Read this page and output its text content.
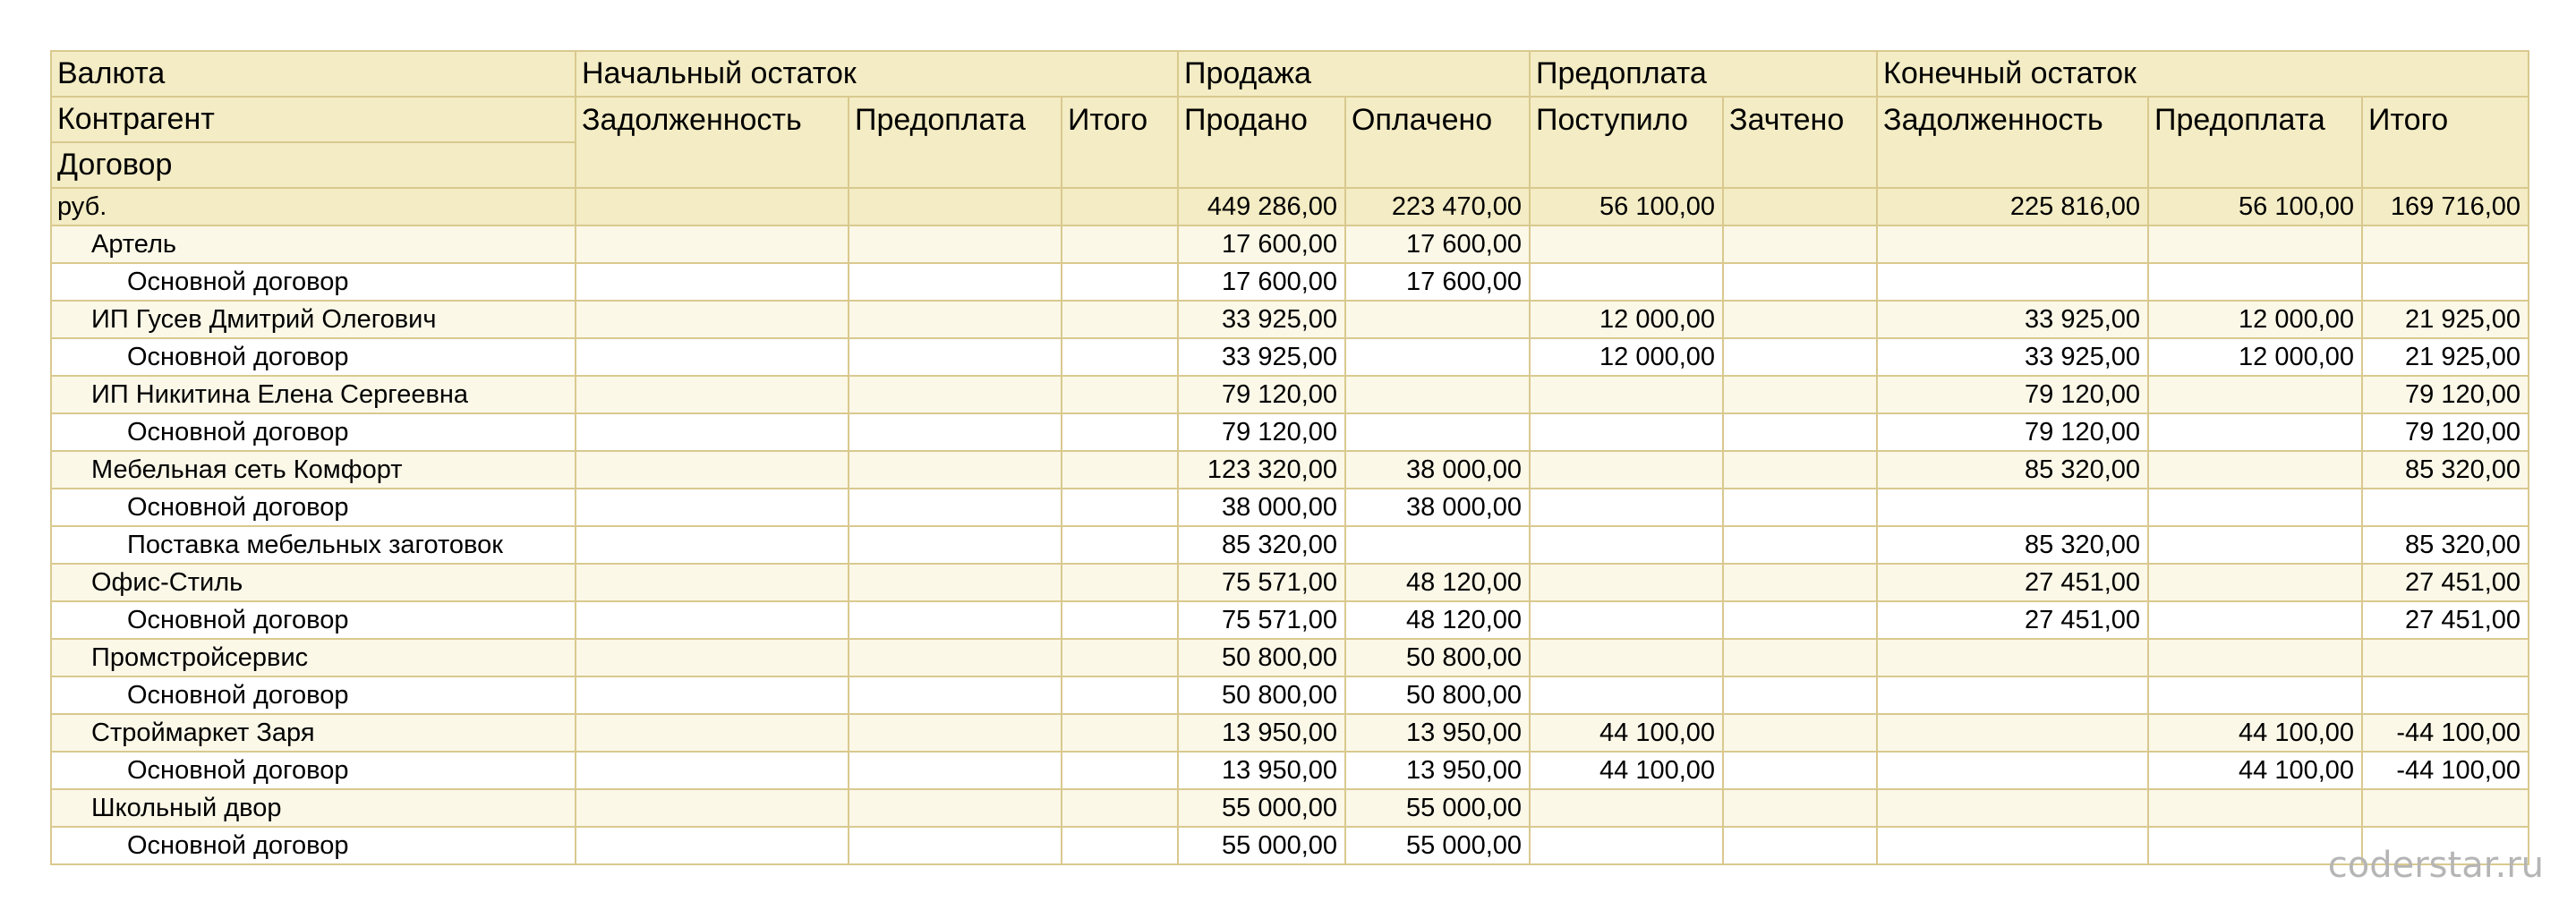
Валюта	Начальный остаток			Продажа		Предоплата		Конечный остаток		
Контрагент	Задолженность	Предоплата	Итого	Продано	Оплачено	Поступило	Зачтено	Задолженность	Предоплата	Итого
Договор										
руб.				449 286,00	223 470,00	56 100,00		225 816,00	56 100,00	169 716,00
Артель				17 600,00	17 600,00					
Основной договор				17 600,00	17 600,00					
ИП Гусев Дмитрий Олегович				33 925,00		12 000,00		33 925,00	12 000,00	21 925,00
Основной договор				33 925,00		12 000,00		33 925,00	12 000,00	21 925,00
ИП Никитина Елена Сергеевна				79 120,00				79 120,00		79 120,00
Основной договор				79 120,00				79 120,00		79 120,00
Мебельная сеть Комфорт				123 320,00	38 000,00			85 320,00		85 320,00
Основной договор				38 000,00	38 000,00					
Поставка мебельных заготовок				85 320,00				85 320,00		85 320,00
Офис-Стиль				75 571,00	48 120,00			27 451,00		27 451,00
Основной договор				75 571,00	48 120,00			27 451,00		27 451,00
Промстройсервис				50 800,00	50 800,00					
Основной договор				50 800,00	50 800,00					
Строймаркет Заря				13 950,00	13 950,00	44 100,00			44 100,00	-44 100,00
Основной договор				13 950,00	13 950,00	44 100,00			44 100,00	-44 100,00
Школьный двор				55 000,00	55 000,00					
Основной договор				55 000,00	55 000,00						coderstar.ru
